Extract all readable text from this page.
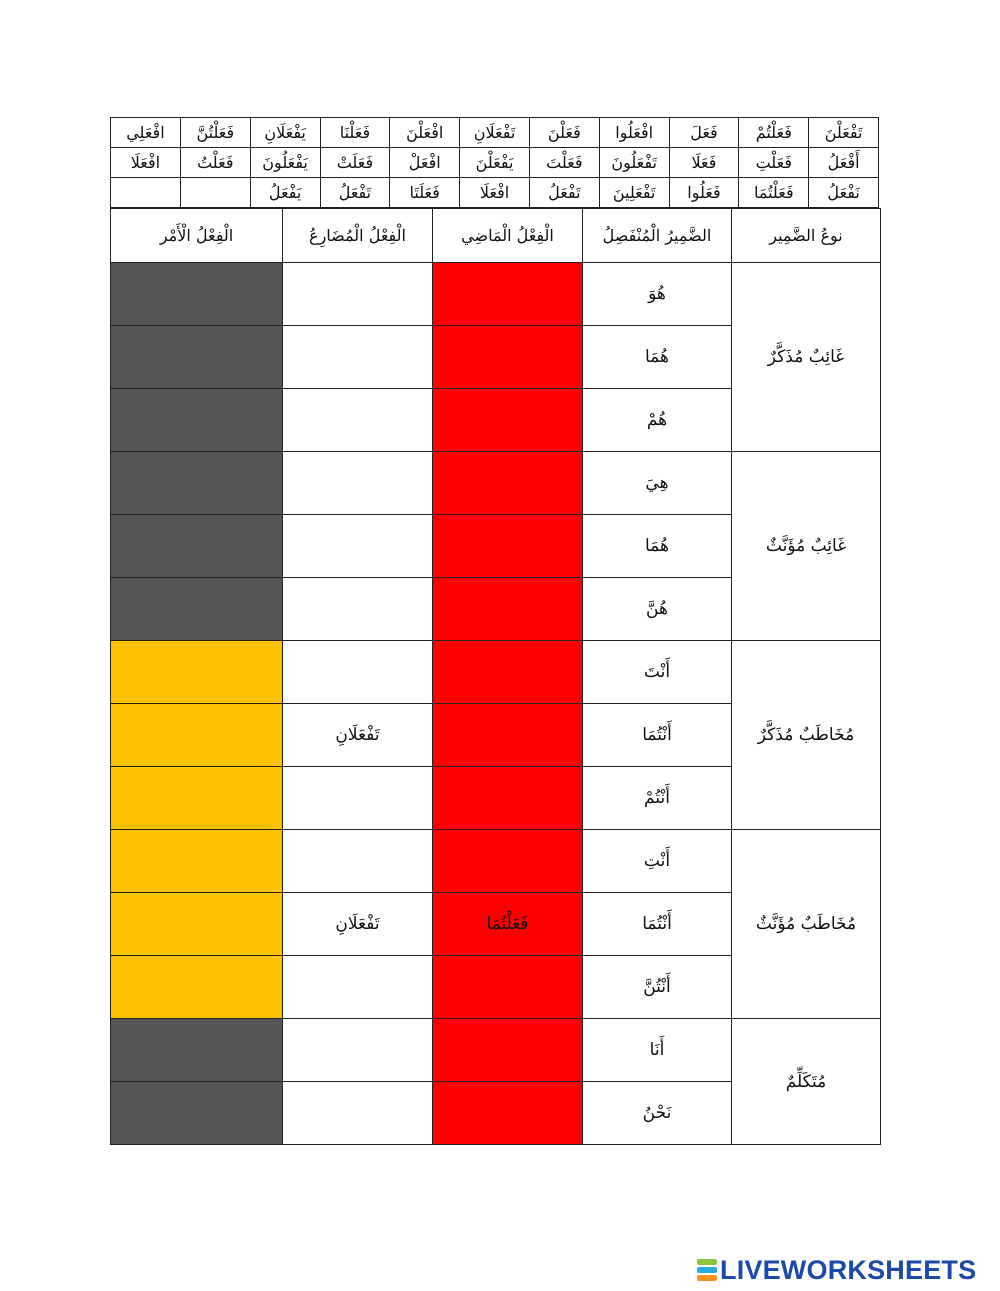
تَفْعَلْنَ	فَعَلْتُمْ	فَعَلَ	افْعَلُوا	فَعَلْنَ	تَفْعَلَانِ	افْعَلْنَ	فَعَلْنَا	يَفْعَلَانِ	فَعَلْتُنَّ	افْعَلِي
أَفْعَلُ	فَعَلْتِ	فَعَلَا	تَفْعَلُونَ	فَعَلْتَ	يَفْعَلْنَ	افْعَلْ	فَعَلَتْ	يَفْعَلُونَ	فَعَلْتُ	افْعَلَا
نَفْعَلُ	فَعَلْتُمَا	فَعَلُوا	تَفْعَلِينَ	تَفْعَلُ	افْعَلَا	فَعَلَتَا	تَفْعَلُ	يَفْعَلُ		
نوعُ الضَّمِير	الضَّمِيرُ الْمُنْفَصِلُ	الْفِعْلُ الْمَاضِي	الْفِعْلُ الْمُضَارِعُ	الْفِعْلُ الْأَمْر
غَائِبٌ مُذَكَّرٌ	هُوَ			
	هُمَا			
	هُمْ			
غَائِبٌ مُؤَنَّثٌ	هِيَ			
	هُمَا			
	هُنَّ			
مُخَاطَبٌ مُذَكَّرٌ	أَنْتَ			
	أَنْتُمَا		تَفْعَلَانِ	
	أَنْتُمْ			
مُخَاطَبٌ مُؤَنَّثٌ	أَنْتِ			
	أَنْتُمَا	فَعَلْتُمَا	تَفْعَلَانِ	
	أَنْتُنَّ			
مُتَكَلِّمٌ	أَنَا			
	نَحْنُ			
LIVEWORKSHEETS
